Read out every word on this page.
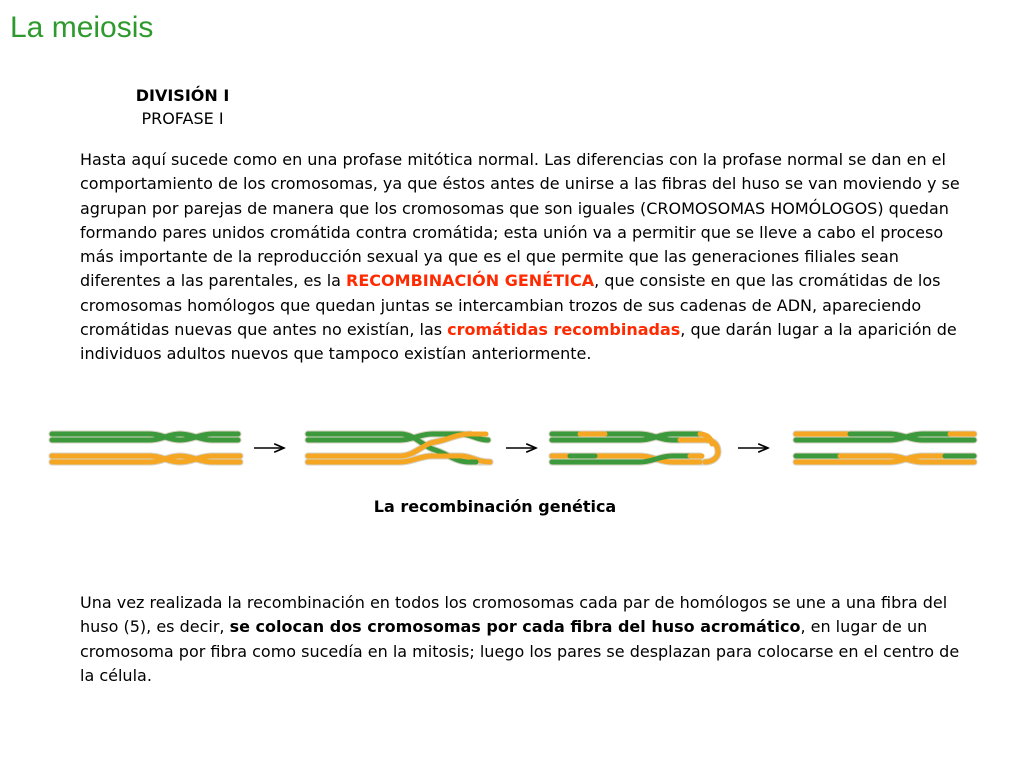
La meiosis
DIVISIÓN I
PROFASE I
Hasta aquí sucede como en una profase mitótica normal. Las diferencias con la profase normal se dan en el comportamiento de los cromosomas, ya que éstos antes de unirse a las fibras del huso se van moviendo y se agrupan por parejas de manera que los cromosomas que son iguales (CROMOSOMAS HOMÓLOGOS) quedan formando pares unidos cromátida contra cromátida; esta unión va a permitir que se lleve a cabo el proceso más importante de la reproducción sexual ya que es el que permite que las generaciones filiales sean diferentes a las parentales, es la RECOMBINACIÓN GENÉTICA, que consiste en que las cromátidas de los cromosomas homólogos que quedan juntas se intercambian trozos de sus cadenas de ADN, apareciendo cromátidas nuevas que antes no existían, las cromátidas recombinadas, que darán lugar a la aparición de individuos adultos nuevos que tampoco existían anteriormente.
La recombinación genética
Una vez realizada la recombinación en todos los cromosomas cada par de homólogos se une a una fibra del huso (5), es decir, se colocan dos cromosomas por cada fibra del huso acromático, en lugar de un cromosoma por fibra como sucedía en la mitosis; luego los pares se desplazan para colocarse en el centro de la célula.
